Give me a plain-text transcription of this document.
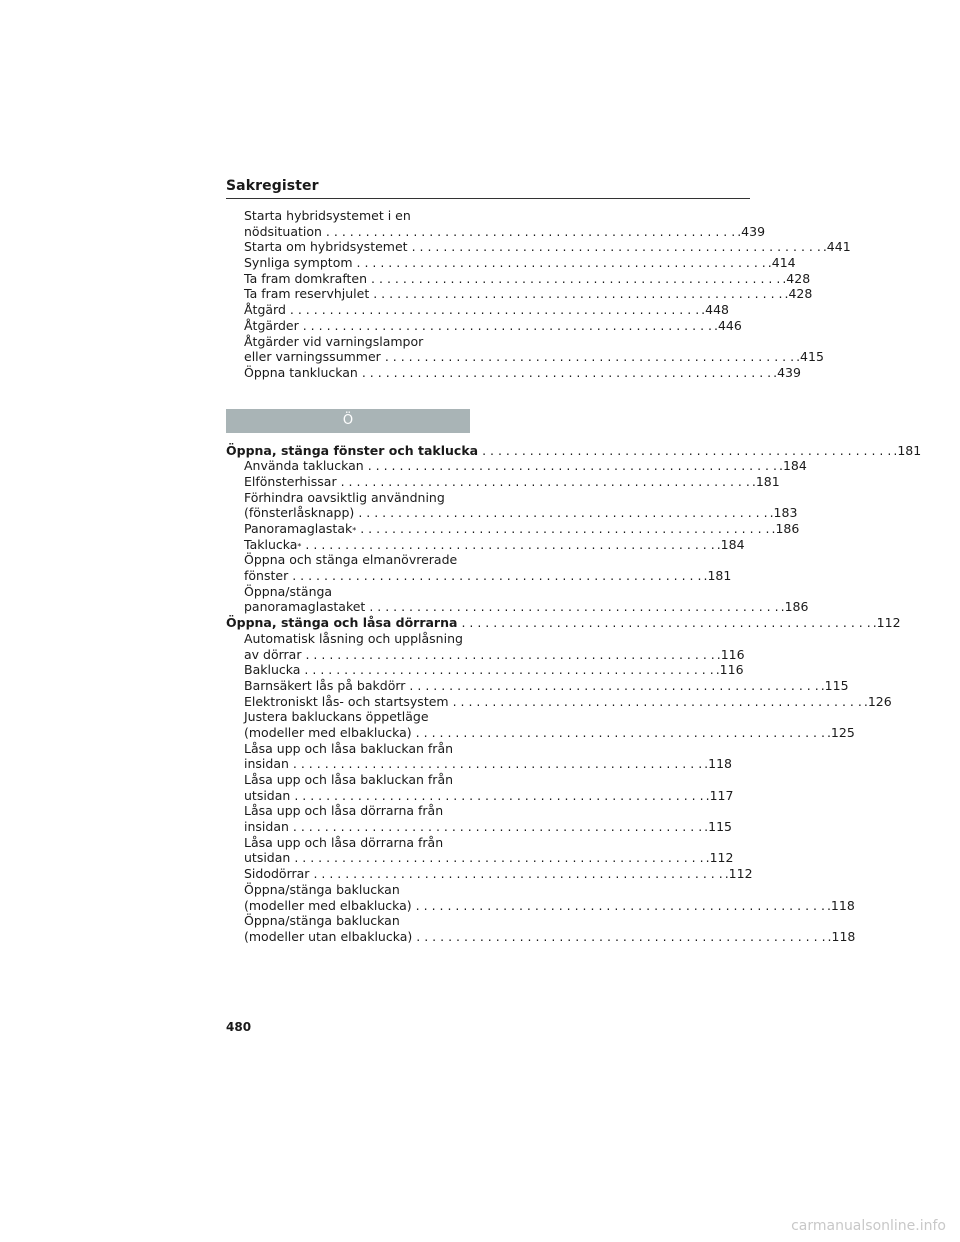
Sakregister
Starta hybridsystemet i en
nödsituation . . .	.439
Starta om hybridsystemet . . .	.441
Synliga symptom . . .	.414
Ta fram domkraften . . .	.428
Ta fram reservhjulet . . .	.428
Åtgärd . . .	.448
Åtgärder . . .	.446
Åtgärder vid varningslampor
eller varningssummer . . .	.415
Öppna tankluckan . . .	.439
Ö
Öppna, stänga fönster och taklucka . . .	.181
Använda takluckan . . .	.184
Elfönsterhissar . . .	.181
Förhindra oavsiktlig användning
(fönsterlåsknapp) . . .	.183
Panoramaglastak * . . .	.186
Taklucka * . . .	.184
Öppna och stänga elmanövrerade
fönster . . .	.181
Öppna/stänga
panoramaglastaket . . .	.186
Öppna, stänga och låsa dörrarna . . .	.112
Automatisk låsning och upplåsning
av dörrar . . .	.116
Baklucka . . .	.116
Barnsäkert lås på bakdörr . . .	.115
Elektroniskt lås- och startsystem . . .	.126
Justera bakluckans öppetläge
(modeller med elbaklucka) . . .	.125
Låsa upp och låsa bakluckan från
insidan . . .	.118
Låsa upp och låsa bakluckan från
utsidan . . .	.117
Låsa upp och låsa dörrarna från
insidan . . .	.115
Låsa upp och låsa dörrarna från
utsidan . . .	.112
Sidodörrar . . .	.112
Öppna/stänga bakluckan
(modeller med elbaklucka) . . .	.118
Öppna/stänga bakluckan
(modeller utan elbaklucka) . . .	.118
480
carmanualsonline.info
